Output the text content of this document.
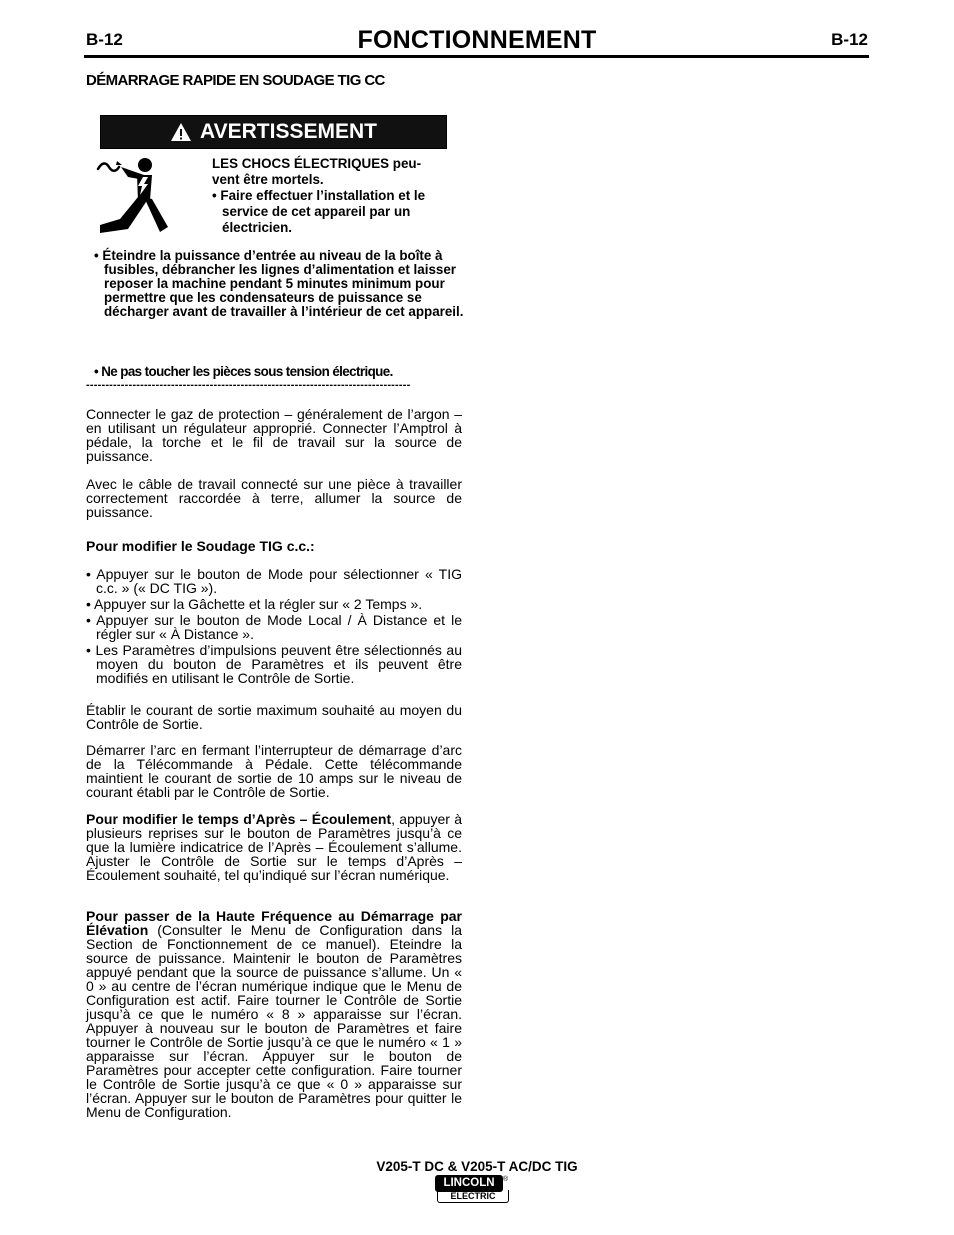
B-12	FONCTIONNEMENT	B-12
DÉMARRAGE RAPIDE EN SOUDAGE TIG CC
AVERTISSEMENT
LES CHOCS ÉLECTRIQUES peu-
vent être mortels.
• Faire effectuer l’installation et le service de cet appareil par un électricien.
• Éteindre la puissance d’entrée au niveau de la boîte à fusibles, débrancher les lignes d’alimentation et laisser reposer la machine pendant 5 minutes minimum pour permettre que les condensateurs de puissance se décharger avant de travailler à l’intérieur de cet appareil.
• Ne pas toucher les pièces sous tension électrique.
------------------------------------------------------------------------------------
Connecter le gaz de protection – généralement de l’argon – en utilisant un régulateur approprié. Connecter l’Amptrol à pédale, la torche et le fil de travail sur la source de puissance.
Avec le câble de travail connecté sur une pièce à travailler correctement raccordée à terre, allumer la source de puissance.
Pour modifier le Soudage TIG c.c.:
• Appuyer sur le bouton de Mode pour sélectionner « TIG c.c. » (« DC TIG »).
• Appuyer sur la Gâchette et la régler sur « 2 Temps ».
• Appuyer sur le bouton de Mode Local / À Distance et le régler sur « À Distance ».
• Les Paramètres d’impulsions peuvent être sélectionnés au moyen du bouton de Paramètres et ils peuvent être modifiés en utilisant le Contrôle de Sortie.
Établir le courant de sortie maximum souhaité au moyen du Contrôle de Sortie.
Démarrer l’arc en fermant l’interrupteur de démarrage d’arc de la Télécommande à Pédale. Cette télécommande maintient le courant de sortie de 10 amps sur le niveau de courant établi par le Contrôle de Sortie.
Pour modifier le temps d’Après – Écoulement, appuyer à plusieurs reprises sur le bouton de Paramètres jusqu’à ce que la lumière indicatrice de l’Après – Écoulement s’allume. Ajuster le Contrôle de Sortie sur le temps d’Après – Écoulement souhaité, tel qu’indiqué sur l’écran numérique.
Pour passer de la Haute Fréquence au Démarrage par Élévation (Consulter le Menu de Configuration dans la Section de Fonctionnement de ce manuel). Eteindre la source de puissance. Maintenir le bouton de Paramètres appuyé pendant que la source de puissance s’allume. Un « 0 » au centre de l’écran numérique indique que le Menu de Configuration est actif. Faire tourner le Contrôle de Sortie jusqu’à ce que le numéro « 8 » apparaisse sur l’écran. Appuyer à nouveau sur le bouton de Paramètres et faire tourner le Contrôle de Sortie jusqu’à ce que le numéro « 1 » apparaisse sur l’écran. Appuyer sur le bouton de Paramètres pour accepter cette configuration. Faire tourner le Contrôle de Sortie jusqu’à ce que « 0 » apparaisse sur l’écran. Appuyer sur le bouton de Paramètres pour quitter le Menu de Configuration.
V205-T DC & V205-T AC/DC TIG
LINCOLN
ELECTRIC
®
